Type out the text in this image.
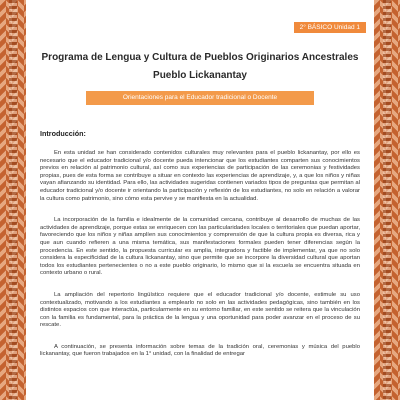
2° BÁSICO Unidad 1
Programa de Lengua y Cultura de Pueblos Originarios Ancestrales
Pueblo Lickanantay
Orientaciones para el Educador tradicional o Docente
Introducción:

En esta unidad se han considerado contenidos culturales muy relevantes para el pueblo lickanantay, por ello es necesario que el educador tradicional y/o docente pueda intencionar que los estudiantes comparten sus conocimientos previos en relación al patrimonio cultural, así como sus experiencias de participación de las ceremonias y festividades propias, pues de esta forma se contribuye a situar en contexto las experiencias de aprendizaje, y, a que los niños y niñas vayan afianzando su identidad. Para ello, las actividades sugeridas contienen variados tipos de preguntas que permitan al educador tradicional y/o docente ir orientando la participación y reflexión de los estudiantes, no solo en relación a valorar la cultura como patrimonio, sino cómo esta pervive y se manifiesta en la actualidad.

La incorporación de la familia e idealmente de la comunidad cercana, contribuye al desarrollo de muchas de las actividades de aprendizaje, porque estas se enriquecen con las particularidades locales o territoriales que puedan aportar, favoreciendo que los niños y niñas amplíen sus conocimientos y comprensión de que la cultura propia es diversa, rica y que aun cuando refieren a una misma temática, sus manifestaciones formales pueden tener diferencias según la procedencia. En este sentido, la propuesta curricular es amplia, integradora y factible de implementar, ya que no solo considera la especificidad de la cultura lickanantay, sino que permite que se incorpore la diversidad cultural que aportan todos los estudiantes pertenecientes o no a este pueblo originario, lo mismo que si la escuela se encuentra situada en contexto urbano o rural.

La ampliación del repertorio lingüístico requiere que el educador tradicional y/o docente, estimule su uso contextualizado, motivando a los estudiantes a emplearlo no solo en las actividades pedagógicas, sino también en los distintos espacios con que interactúa, particularmente en su entorno familiar, en este sentido se reitera que la vinculación con la familia es fundamental, para la práctica de la lengua y una oportunidad para poder avanzar en el proceso de su rescate.

A continuación, se presenta información sobre temas de la tradición oral, ceremonias y música del pueblo lickanantay, que fueron trabajados en la 1° unidad, con la finalidad de entregar
